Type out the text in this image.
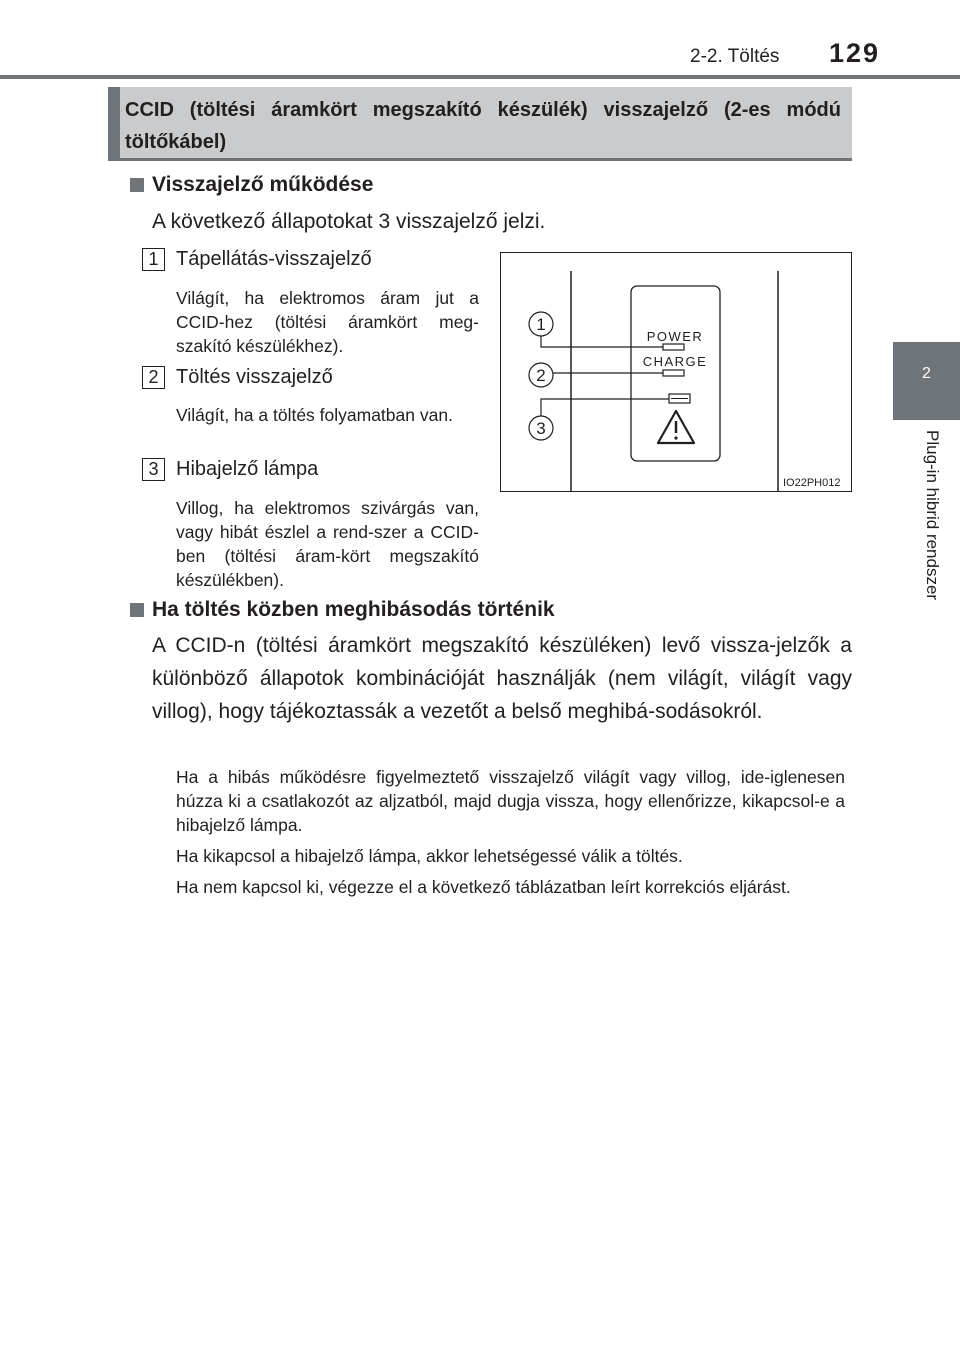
2-2. Töltés 129
2
Plug-in hibrid rendszer
CCID (töltési áramkört megszakító készülék) visszajelző (2-es módú töltőkábel)
Visszajelző működése
A következő állapotokat 3 visszajelző jelzi.
1 Tápellátás-visszajelző
Világít, ha elektromos áram jut a CCID-hez (töltési áramkört meg-szakító készülékhez).
2 Töltés visszajelző
Világít, ha a töltés folyamatban van.
3 Hibajelző lámpa
Villog, ha elektromos szivárgás van, vagy hibát észlel a rend-szer a CCID-ben (töltési áram-kört megszakító készülékben).
1
2
3
POWER
CHARGE
IO22PH012
Ha töltés közben meghibásodás történik
A CCID-n (töltési áramkört megszakító készüléken) levő vissza-jelzők a különböző állapotok kombinációját használják (nem világít, világít vagy villog), hogy tájékoztassák a vezetőt a belső meghibá-sodásokról.
Ha a hibás működésre figyelmeztető visszajelző világít vagy villog, ide-iglenesen húzza ki a csatlakozót az aljzatból, majd dugja vissza, hogy ellenőrizze, kikapcsol-e a hibajelző lámpa.
Ha kikapcsol a hibajelző lámpa, akkor lehetségessé válik a töltés.
Ha nem kapcsol ki, végezze el a következő táblázatban leírt korrekciós eljárást.
